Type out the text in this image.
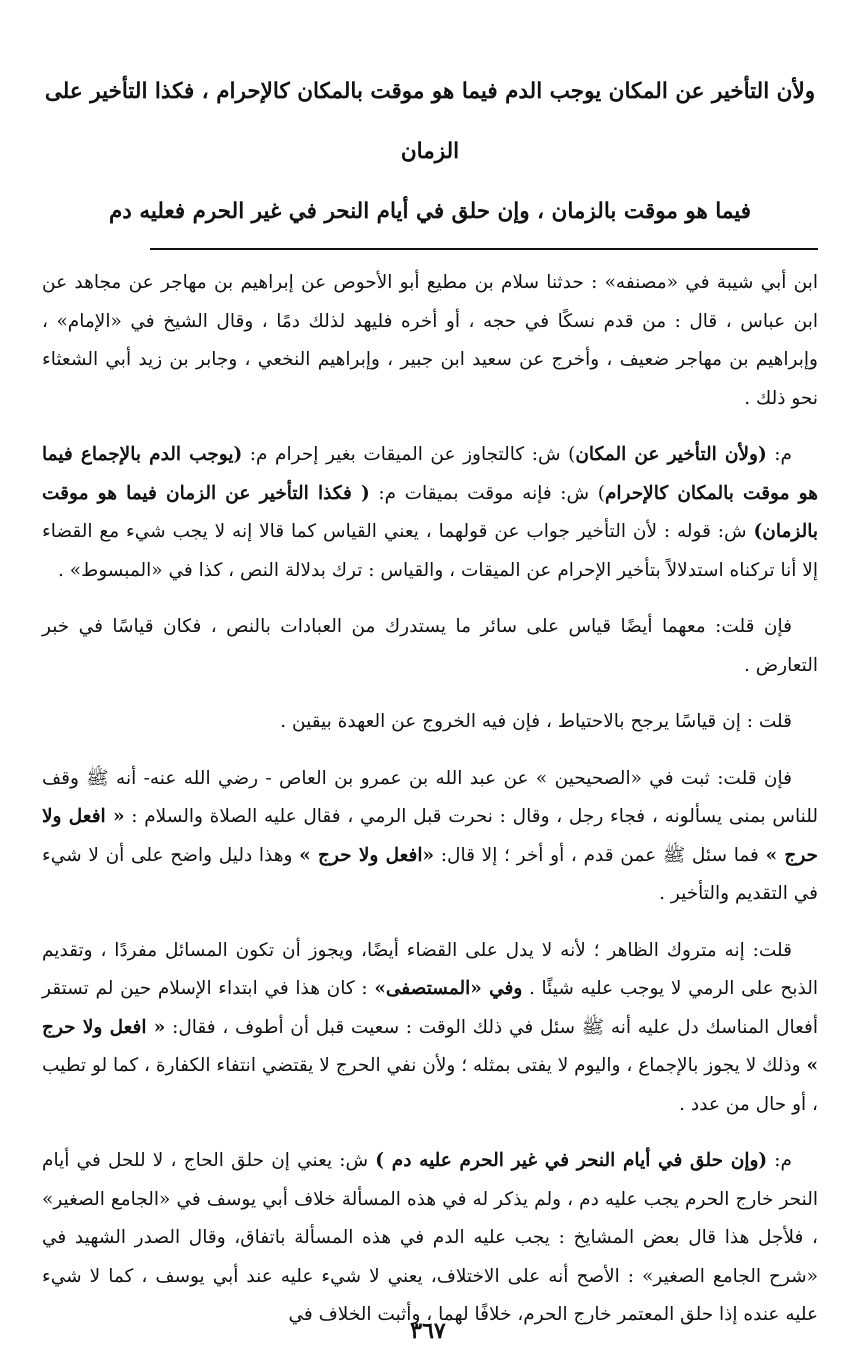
ولأن التأخير عن المكان يوجب الدم فيما هو موقت بالمكان كالإحرام ، فكذا التأخير على الزمان
فيما هو موقت بالزمان ، وإن حلق في أيام النحر في غير الحرم فعليه دم

ابن أبي شيبة في «مصنفه» : حدثنا سلام بن مطيع أبو الأحوص عن إبراهيم بن مهاجر عن مجاهد عن ابن عباس ، قال : من قدم نسكًا في حجه ، أو أخره فليهد لذلك دمًا ، وقال الشيخ في «الإمام» ، وإبراهيم بن مهاجر ضعيف ، وأخرج عن سعيد ابن جبير ، وإبراهيم النخعي ، وجابر بن زيد أبي الشعثاء نحو ذلك .

م: (ولأن التأخير عن المكان) ش: كالتجاوز عن الميقات بغير إحرام م: (يوجب الدم بالإجماع فيما هو موقت بالمكان كالإحرام) ش: فإنه موقت بميقات م: ( فكذا التأخير عن الزمان فيما هو موقت بالزمان) ش: قوله : لأن التأخير جواب عن قولهما ، يعني القياس كما قالا إنه لا يجب شيء مع القضاء إلا أنا تركناه استدلالاً بتأخير الإحرام عن الميقات ، والقياس : ترك بدلالة النص ، كذا في «المبسوط» .

فإن قلت: معهما أيضًا قياس على سائر ما يستدرك من العبادات بالنص ، فكان قياسًا في خبر التعارض .

قلت : إن قياسًا يرجح بالاحتياط ، فإن فيه الخروج عن العهدة بيقين .

فإن قلت: ثبت في «الصحيحين » عن عبد الله بن عمرو بن العاص - رضي الله عنه- أنه ﷺ وقف للناس بمنى يسألونه ، فجاء رجل ، وقال : نحرت قبل الرمي ، فقال عليه الصلاة والسلام : « افعل ولا حرج » فما سئل ﷺ عمن قدم ، أو أخر ؛ إلا قال: «افعل ولا حرج » وهذا دليل واضح على أن لا شيء في التقديم والتأخير .

قلت: إنه متروك الظاهر ؛ لأنه لا يدل على القضاء أيضًا، ويجوز أن تكون المسائل مفردًا ، وتقديم الذبح على الرمي لا يوجب عليه شيئًا . وفي «المستصفى» : كان هذا في ابتداء الإسلام حين لم تستقر أفعال المناسك دل عليه أنه ﷺ سئل في ذلك الوقت : سعيت قبل أن أطوف ، فقال: « افعل ولا حرج » وذلك لا يجوز بالإجماع ، واليوم لا يفتى بمثله ؛ ولأن نفي الحرج لا يقتضي انتفاء الكفارة ، كما لو تطيب ، أو حال من عدد .

م: (وإن حلق في أيام النحر في غير الحرم عليه دم ) ش: يعني إن حلق الحاج ، لا للحل في أيام النحر خارج الحرم يجب عليه دم ، ولم يذكر له في هذه المسألة خلاف أبي يوسف في «الجامع الصغير» ، فلأجل هذا قال بعض المشايخ : يجب عليه الدم في هذه المسألة باتفاق، وقال الصدر الشهيد في «شرح الجامع الصغير» : الأصح أنه على الاختلاف، يعني لا شيء عليه عند أبي يوسف ، كما لا شيء عليه عنده إذا حلق المعتمر خارج الحرم، خلافًا لهما ، وأثبت الخلاف في

٣٦٧
